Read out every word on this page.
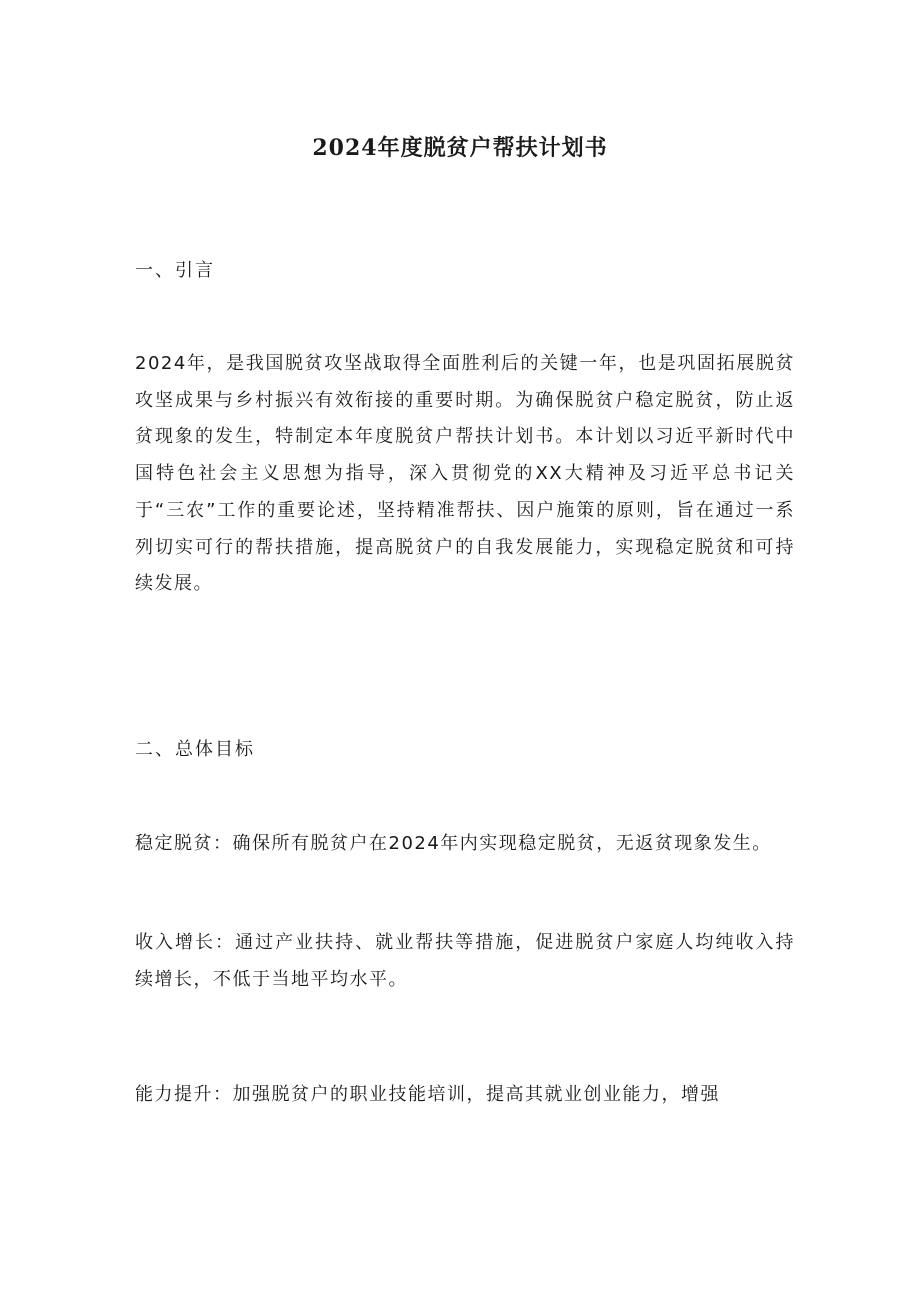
2024年度脱贫户帮扶计划书
一、引言

2024年，是我国脱贫攻坚战取得全面胜利后的关键一年，也是巩固拓展脱贫攻坚成果与乡村振兴有效衔接的重要时期。为确保脱贫户稳定脱贫，防止返贫现象的发生，特制定本年度脱贫户帮扶计划书。本计划以习近平新时代中国特色社会主义思想为指导，深入贯彻党的XX大精神及习近平总书记关于“三农”工作的重要论述，坚持精准帮扶、因户施策的原则，旨在通过一系列切实可行的帮扶措施，提高脱贫户的自我发展能力，实现稳定脱贫和可持续发展。

二、总体目标

稳定脱贫：确保所有脱贫户在2024年内实现稳定脱贫，无返贫现象发生。

收入增长：通过产业扶持、就业帮扶等措施，促进脱贫户家庭人均纯收入持续增长，不低于当地平均水平。

能力提升：加强脱贫户的职业技能培训，提高其就业创业能力，增强
